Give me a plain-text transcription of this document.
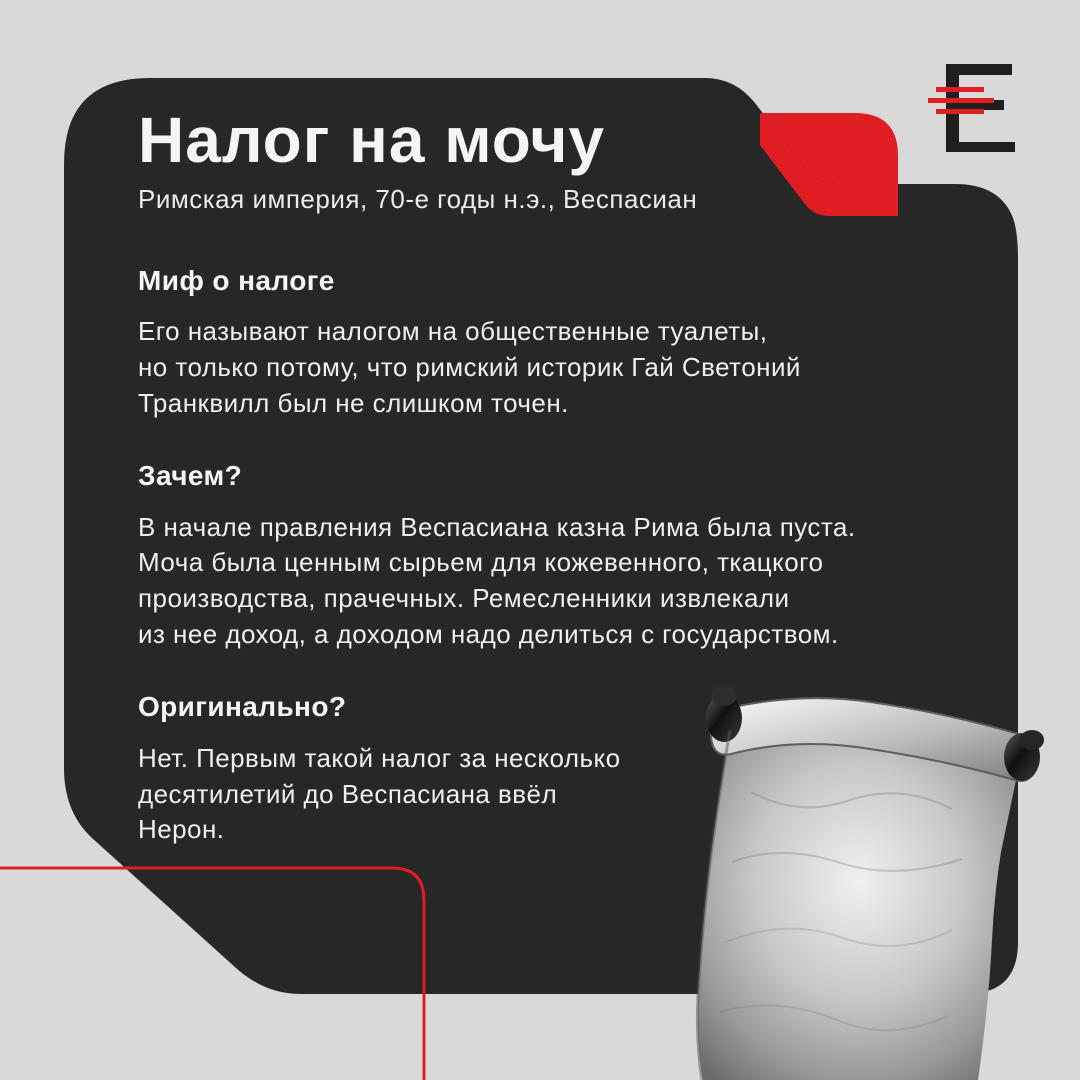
Налог на мочу

Римская империя, 70-е годы н.э., Веспасиан

Миф о налоге

Его называют налогом на общественные туалеты,
но только потому, что римский историк Гай Светоний
Транквилл был не слишком точен.

Зачем?

В начале правления Веспасиана казна Рима была пуста.
Моча была ценным сырьем для кожевенного, ткацкого
производства, прачечных. Ремесленники извлекали
из нее доход, а доходом надо делиться с государством.

Оригинально?

Нет. Первым такой налог за несколько
десятилетий до Веспасиана ввёл
Нерон.
